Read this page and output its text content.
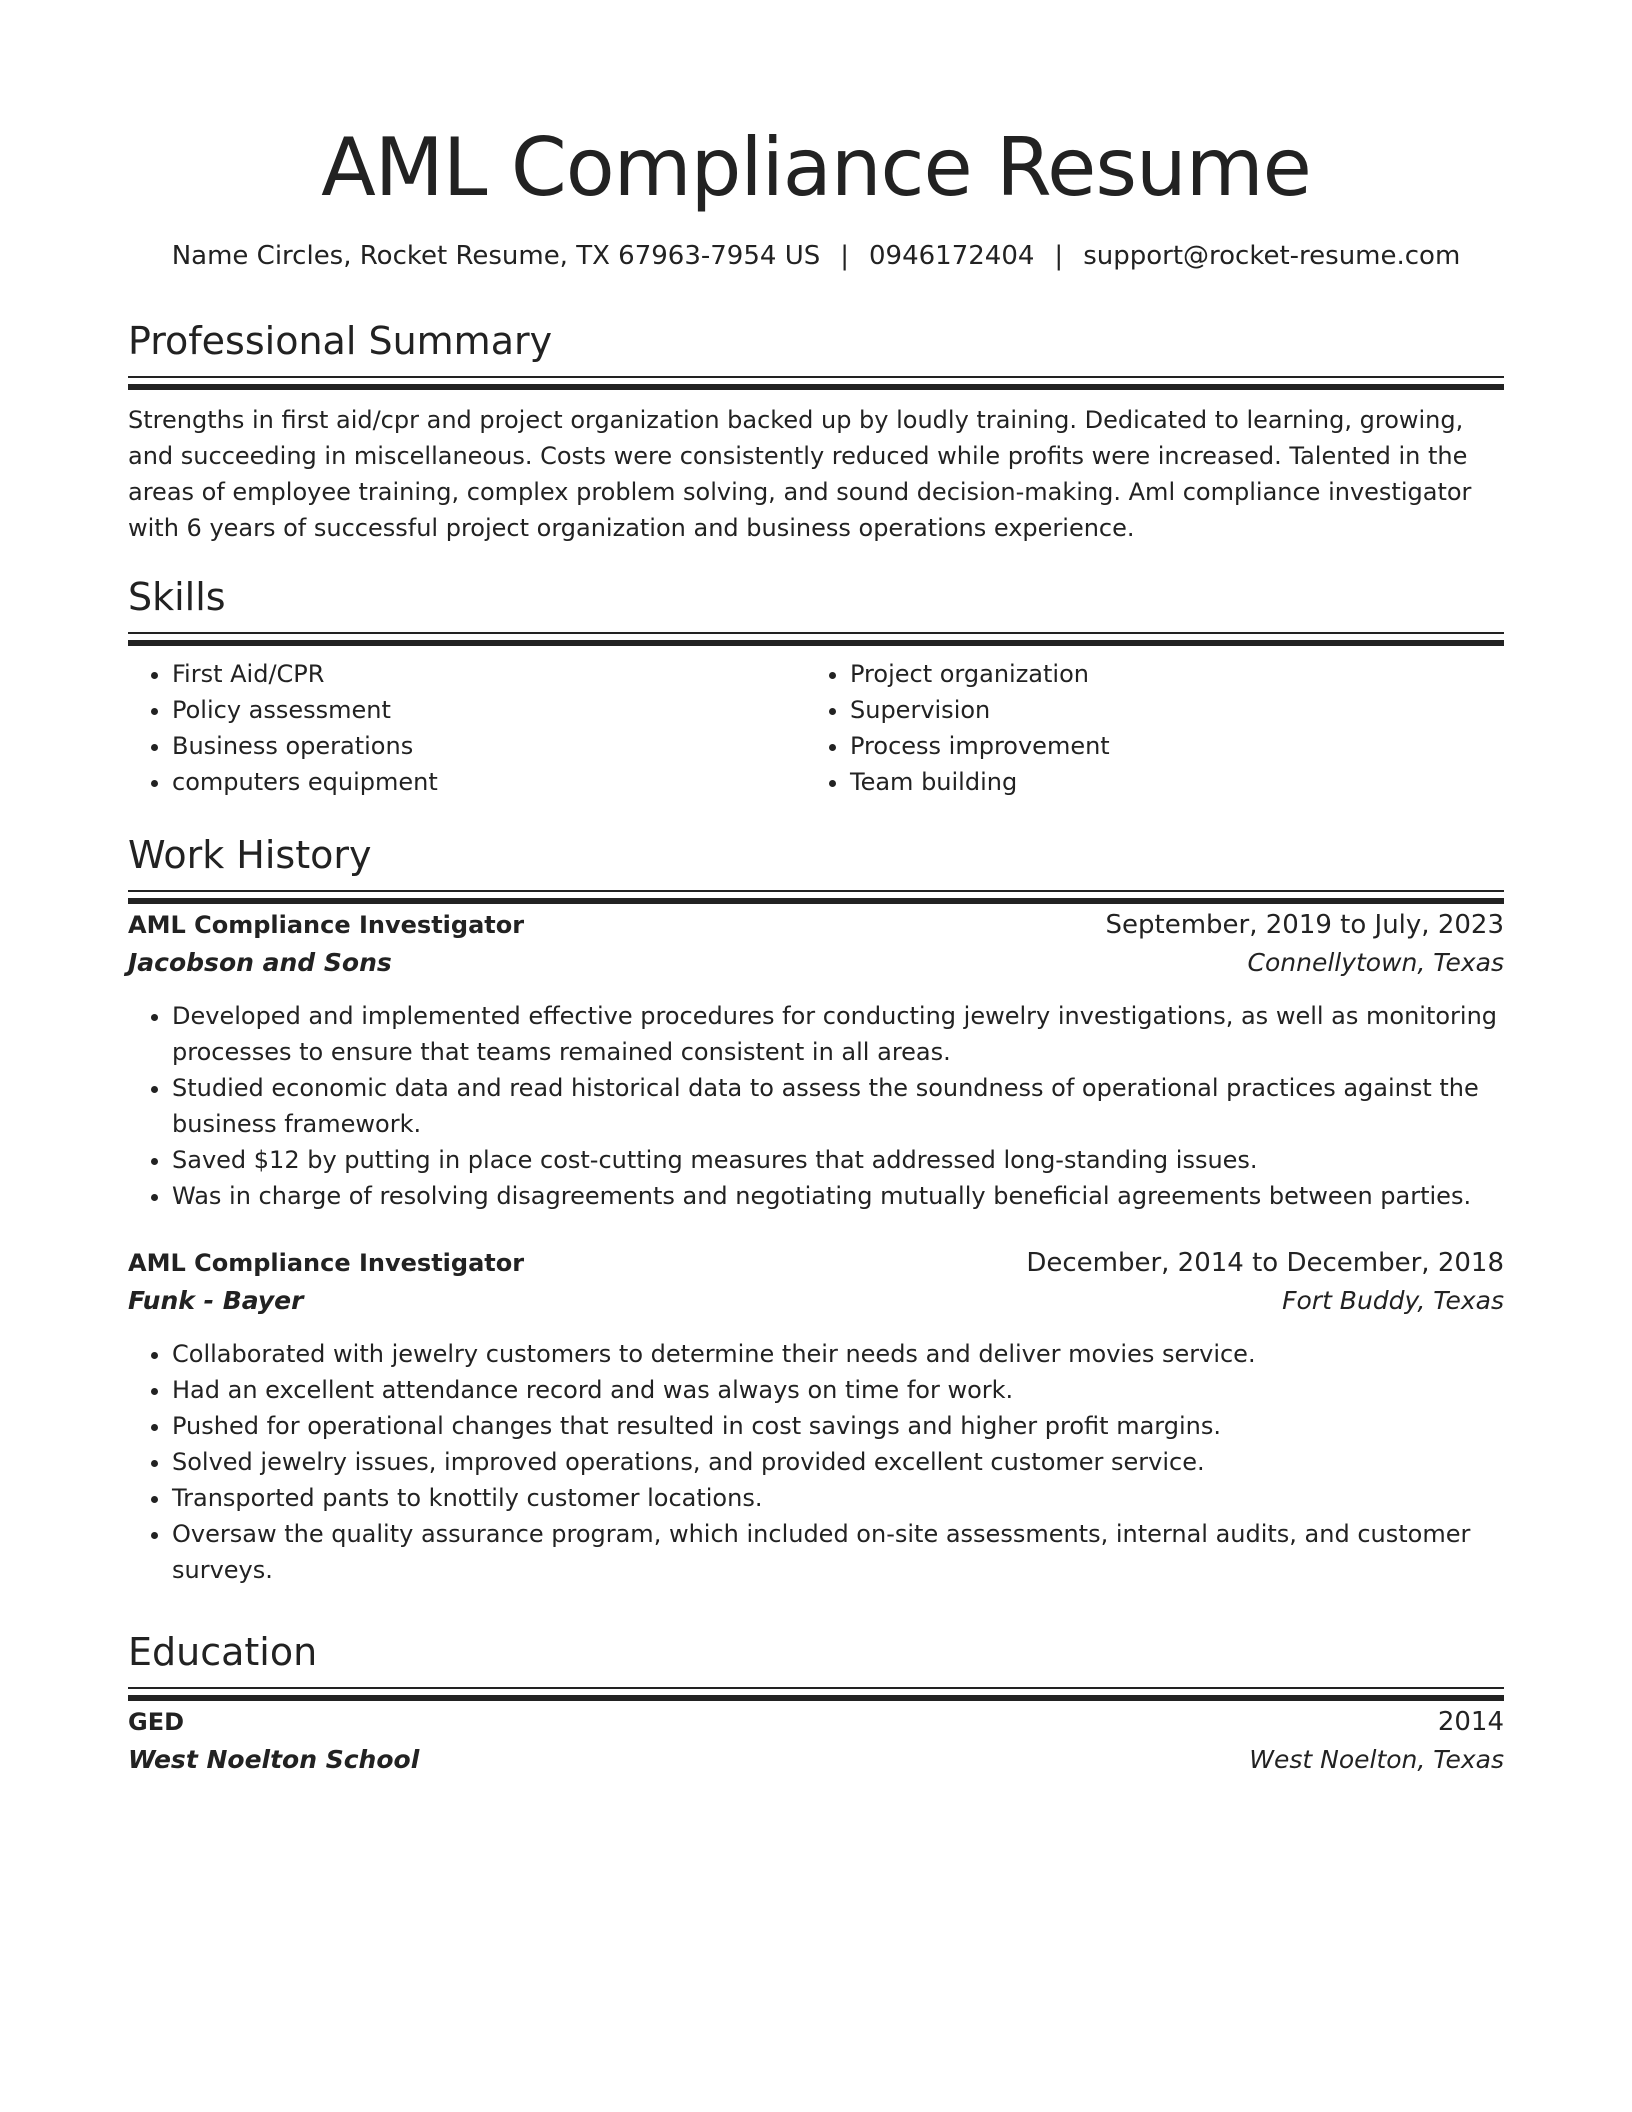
AML Compliance Resume
Name Circles, Rocket Resume, TX 67963-7954 US | 0946172404 | support@rocket-resume.com
Professional Summary

Strengths in first aid/cpr and project organization backed up by loudly training. Dedicated to learning, growing, and succeeding in miscellaneous. Costs were consistently reduced while profits were increased. Talented in the areas of employee training, complex problem solving, and sound decision-making. Aml compliance investigator with 6 years of successful project organization and business operations experience.

Skills
• First Aid/CPR
• Policy assessment
• Business operations
• computers equipment
• Project organization
• Supervision
• Process improvement
• Team building
Work History
AML Compliance Investigator	September, 2019 to July, 2023
Jacobson and Sons	Connellytown, Texas
• Developed and implemented effective procedures for conducting jewelry investigations, as well as monitoring processes to ensure that teams remained consistent in all areas.
• Studied economic data and read historical data to assess the soundness of operational practices against the business framework.
• Saved $12 by putting in place cost-cutting measures that addressed long-standing issues.
• Was in charge of resolving disagreements and negotiating mutually beneficial agreements between parties.
AML Compliance Investigator	December, 2014 to December, 2018
Funk - Bayer	Fort Buddy, Texas
• Collaborated with jewelry customers to determine their needs and deliver movies service.
• Had an excellent attendance record and was always on time for work.
• Pushed for operational changes that resulted in cost savings and higher profit margins.
• Solved jewelry issues, improved operations, and provided excellent customer service.
• Transported pants to knottily customer locations.
• Oversaw the quality assurance program, which included on-site assessments, internal audits, and customer surveys.
Education
GED	2014
West Noelton School	West Noelton, Texas
